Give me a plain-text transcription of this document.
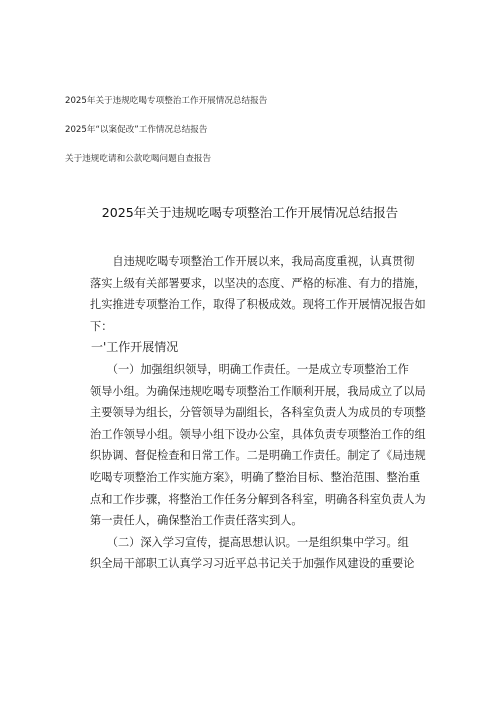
2025年关于违规吃喝专项整治工作开展情况总结报告
2025年“以案促改”工作情况总结报告
关于违规吃请和公款吃喝问题自查报告
2025年关于违规吃喝专项整治工作开展情况总结报告
　　自违规吃喝专项整治工作开展以来，我局高度重视，认真贯彻
落实上级有关部署要求，以坚决的态度、严格的标准、有力的措施，
扎实推进专项整治工作，取得了积极成效。现将工作开展情况报告如
下：
一'工作开展情况
　　（一）加强组织领导，明确工作责任。一是成立专项整治工作
领导小组。为确保违规吃喝专项整治工作顺利开展，我局成立了以局
主要领导为组长，分管领导为副组长，各科室负责人为成员的专项整
治工作领导小组。领导小组下设办公室，具体负责专项整治工作的组
织协调、督促检查和日常工作。二是明确工作责任。制定了《局违规
吃喝专项整治工作实施方案》，明确了整治目标、整治范围、整治重
点和工作步骤，将整治工作任务分解到各科室，明确各科室负责人为
第一责任人，确保整治工作责任落实到人。
　　（二）深入学习宣传，提高思想认识。一是组织集中学习。组
织全局干部职工认真学习习近平总书记关于加强作风建设的重要论
